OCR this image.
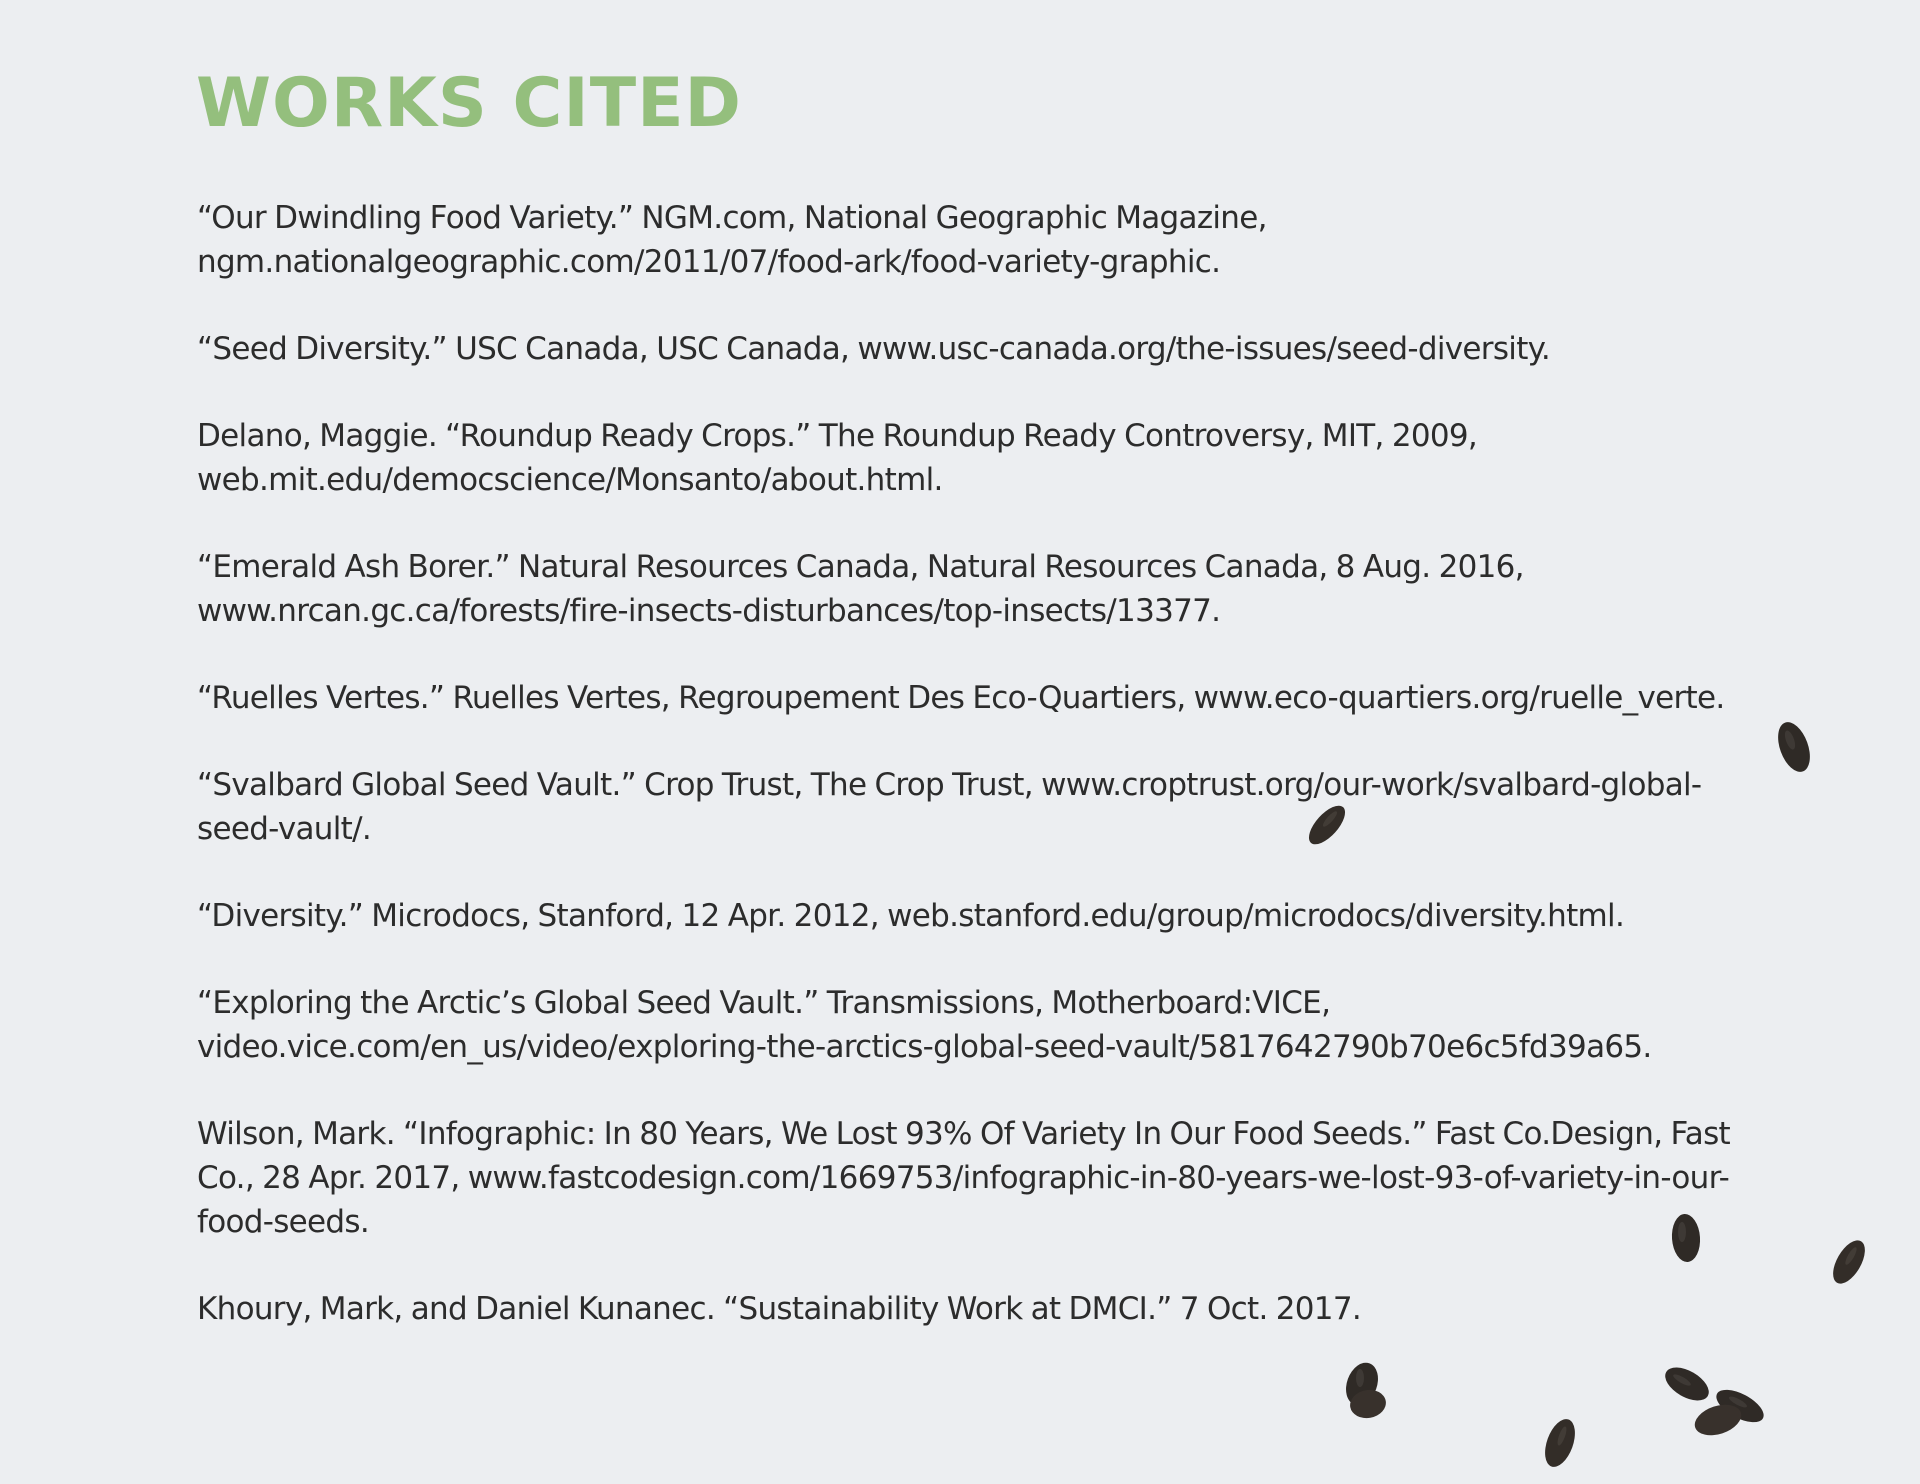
WORKS CITED
“Our Dwindling Food Variety.” NGM.com, National Geographic Magazine, ngm.nationalgeographic.com/2011/07/food-ark/food-variety-graphic.
“Seed Diversity.” USC Canada, USC Canada, www.usc-canada.org/the-issues/seed-diversity.
Delano, Maggie. “Roundup Ready Crops.” The Roundup Ready Controversy, MIT, 2009, web.mit.edu/democscience/Monsanto/about.html.
“Emerald Ash Borer.” Natural Resources Canada, Natural Resources Canada, 8 Aug. 2016, www.nrcan.gc.ca/forests/fire-insects-disturbances/top-insects/13377.
“Ruelles Vertes.” Ruelles Vertes, Regroupement Des Eco-Quartiers, www.eco-quartiers.org/ruelle_verte.
“Svalbard Global Seed Vault.” Crop Trust, The Crop Trust, www.croptrust.org/our-work/svalbard-global-seed-vault/.
“Diversity.” Microdocs, Stanford, 12 Apr. 2012, web.stanford.edu/group/microdocs/diversity.html.
“Exploring the Arctic’s Global Seed Vault.” Transmissions, Motherboard:VICE, video.vice.com/en_us/video/exploring-the-arctics-global-seed-vault/5817642790b70e6c5fd39a65.
Wilson, Mark. “Infographic: In 80 Years, We Lost 93% Of Variety In Our Food Seeds.” Fast Co.Design, Fast Co., 28 Apr. 2017, www.fastcodesign.com/1669753/infographic-in-80-years-we-lost-93-of-variety-in-our-food-seeds.
Khoury, Mark, and Daniel Kunanec. “Sustainability Work at DMCI.” 7 Oct. 2017.
